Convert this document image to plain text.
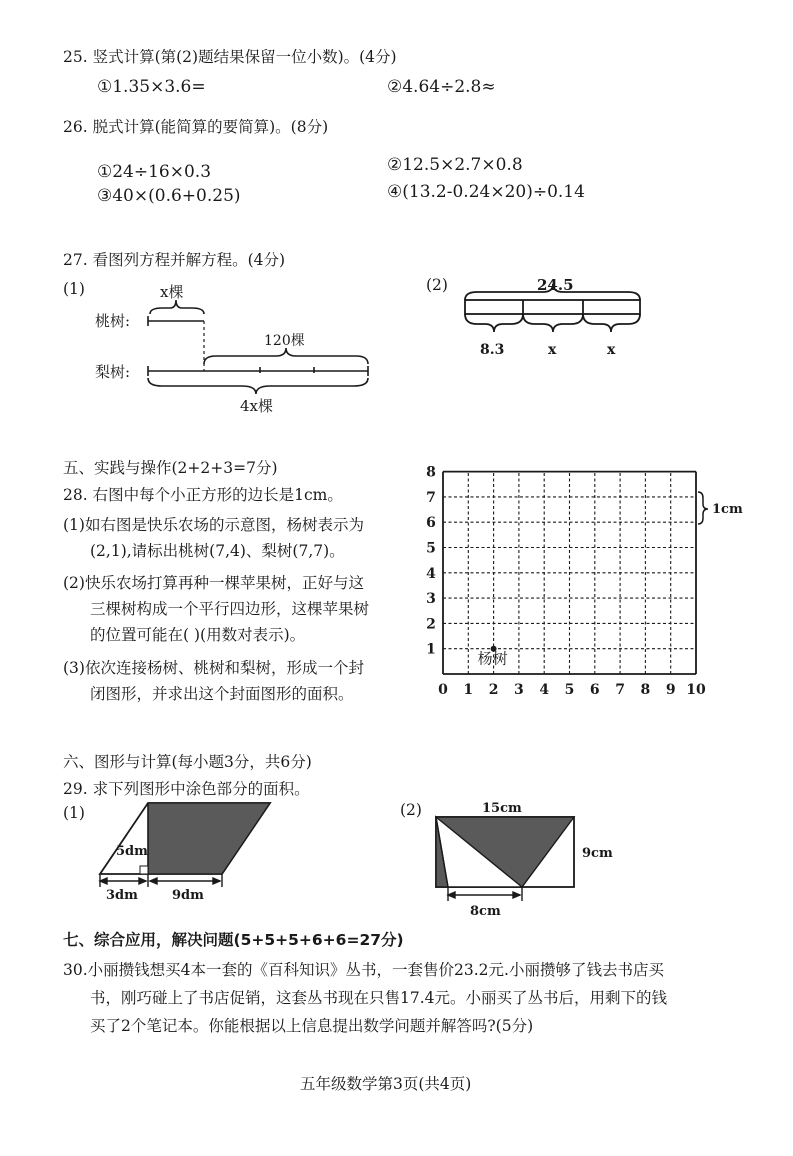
25. 竖式计算(第(2)题结果保留一位小数)。(4分)
①1.35×3.6=	②4.64÷2.8≈
26. 脱式计算(能简算的要简算)。(8分)
①24÷16×0.3	②12.5×2.7×0.8
③40×(0.6+0.25)	④(13.2-0.24×20)÷0.14
27. 看图列方程并解方程。(4分)
(1)
桃树:
梨树:
x棵
120棵
4x棵
(2)	24.5
8.3	x	x
五、实践与操作(2+2+3=7分)
28. 右图中每个小正方形的边长是1cm。
(1)如右图是快乐农场的示意图，杨树表示为
(2,1),请标出桃树(7,4)、梨树(7,7)。
(2)快乐农场打算再种一棵苹果树，正好与这
三棵树构成一个平行四边形，这棵苹果树
的位置可能在( )(用数对表示)。
(3)依次连接杨树、桃树和梨树，形成一个封
闭图形，并求出这个封面图形的面积。	0 1 2 3 4 5 6 7 8 9 10
1
2
3
4
5
6
7
8
1cm
杨树
六、图形与计算(每小题3分，共6分)
29. 求下列图形中涂色部分的面积。
(1)
5dm
3dm	9dm
(2)	15cm
9cm
8cm
七、综合应用，解决问题(5+5+5+6+6=27分)
30.小丽攒钱想买4本一套的《百科知识》丛书，一套售价23.2元.小丽攒够了钱去书店买
书，刚巧碰上了书店促销，这套丛书现在只售17.4元。小丽买了丛书后，用剩下的钱
买了2个笔记本。你能根据以上信息提出数学问题并解答吗?(5分)
五年级数学第3页(共4页)
